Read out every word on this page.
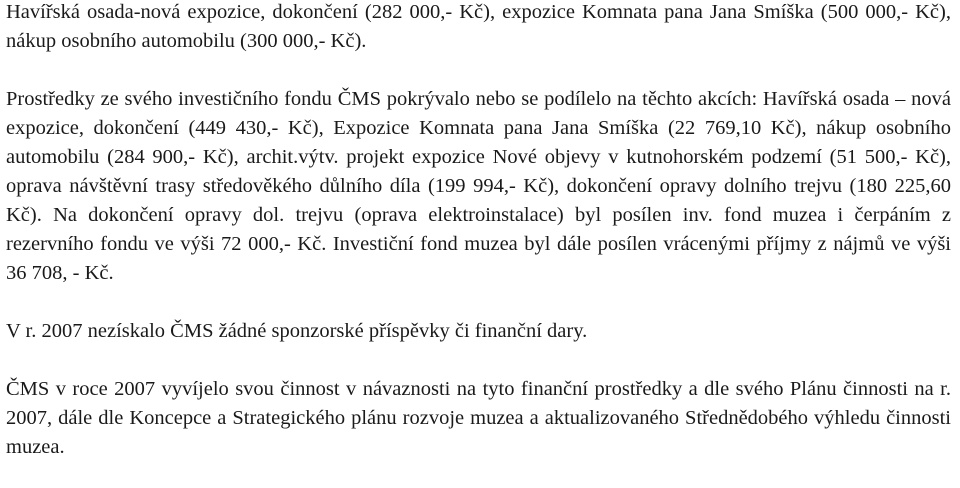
Havířská osada-nová expozice, dokončení (282 000,- Kč), expozice Komnata pana Jana Smíška (500 000,- Kč), nákup osobního automobilu (300 000,- Kč).

Prostředky ze svého investičního fondu ČMS pokrývalo nebo se podílelo na těchto akcích: Havířská osada – nová expozice, dokončení (449 430,- Kč), Expozice Komnata pana Jana Smíška (22 769,10 Kč), nákup osobního automobilu (284 900,- Kč), archit.výtv. projekt expozice Nové objevy v kutnohorském podzemí (51 500,- Kč), oprava návštěvní trasy středověkého důlního díla (199 994,- Kč), dokončení opravy dolního trejvu (180 225,60 Kč). Na dokončení opravy dol. trejvu (oprava elektroinstalace) byl posílen inv. fond muzea i čerpáním z rezervního fondu ve výši 72 000,- Kč. Investiční fond muzea byl dále posílen vrácenými příjmy z nájmů ve výši 36 708, - Kč.

V r. 2007 nezískalo ČMS žádné sponzorské příspěvky či finanční dary.

ČMS v roce 2007 vyvíjelo svou činnost v návaznosti na tyto finanční prostředky a dle svého Plánu činnosti na r. 2007, dále dle Koncepce a Strategického plánu rozvoje muzea a aktualizovaného Střednědobého výhledu činnosti muzea.
